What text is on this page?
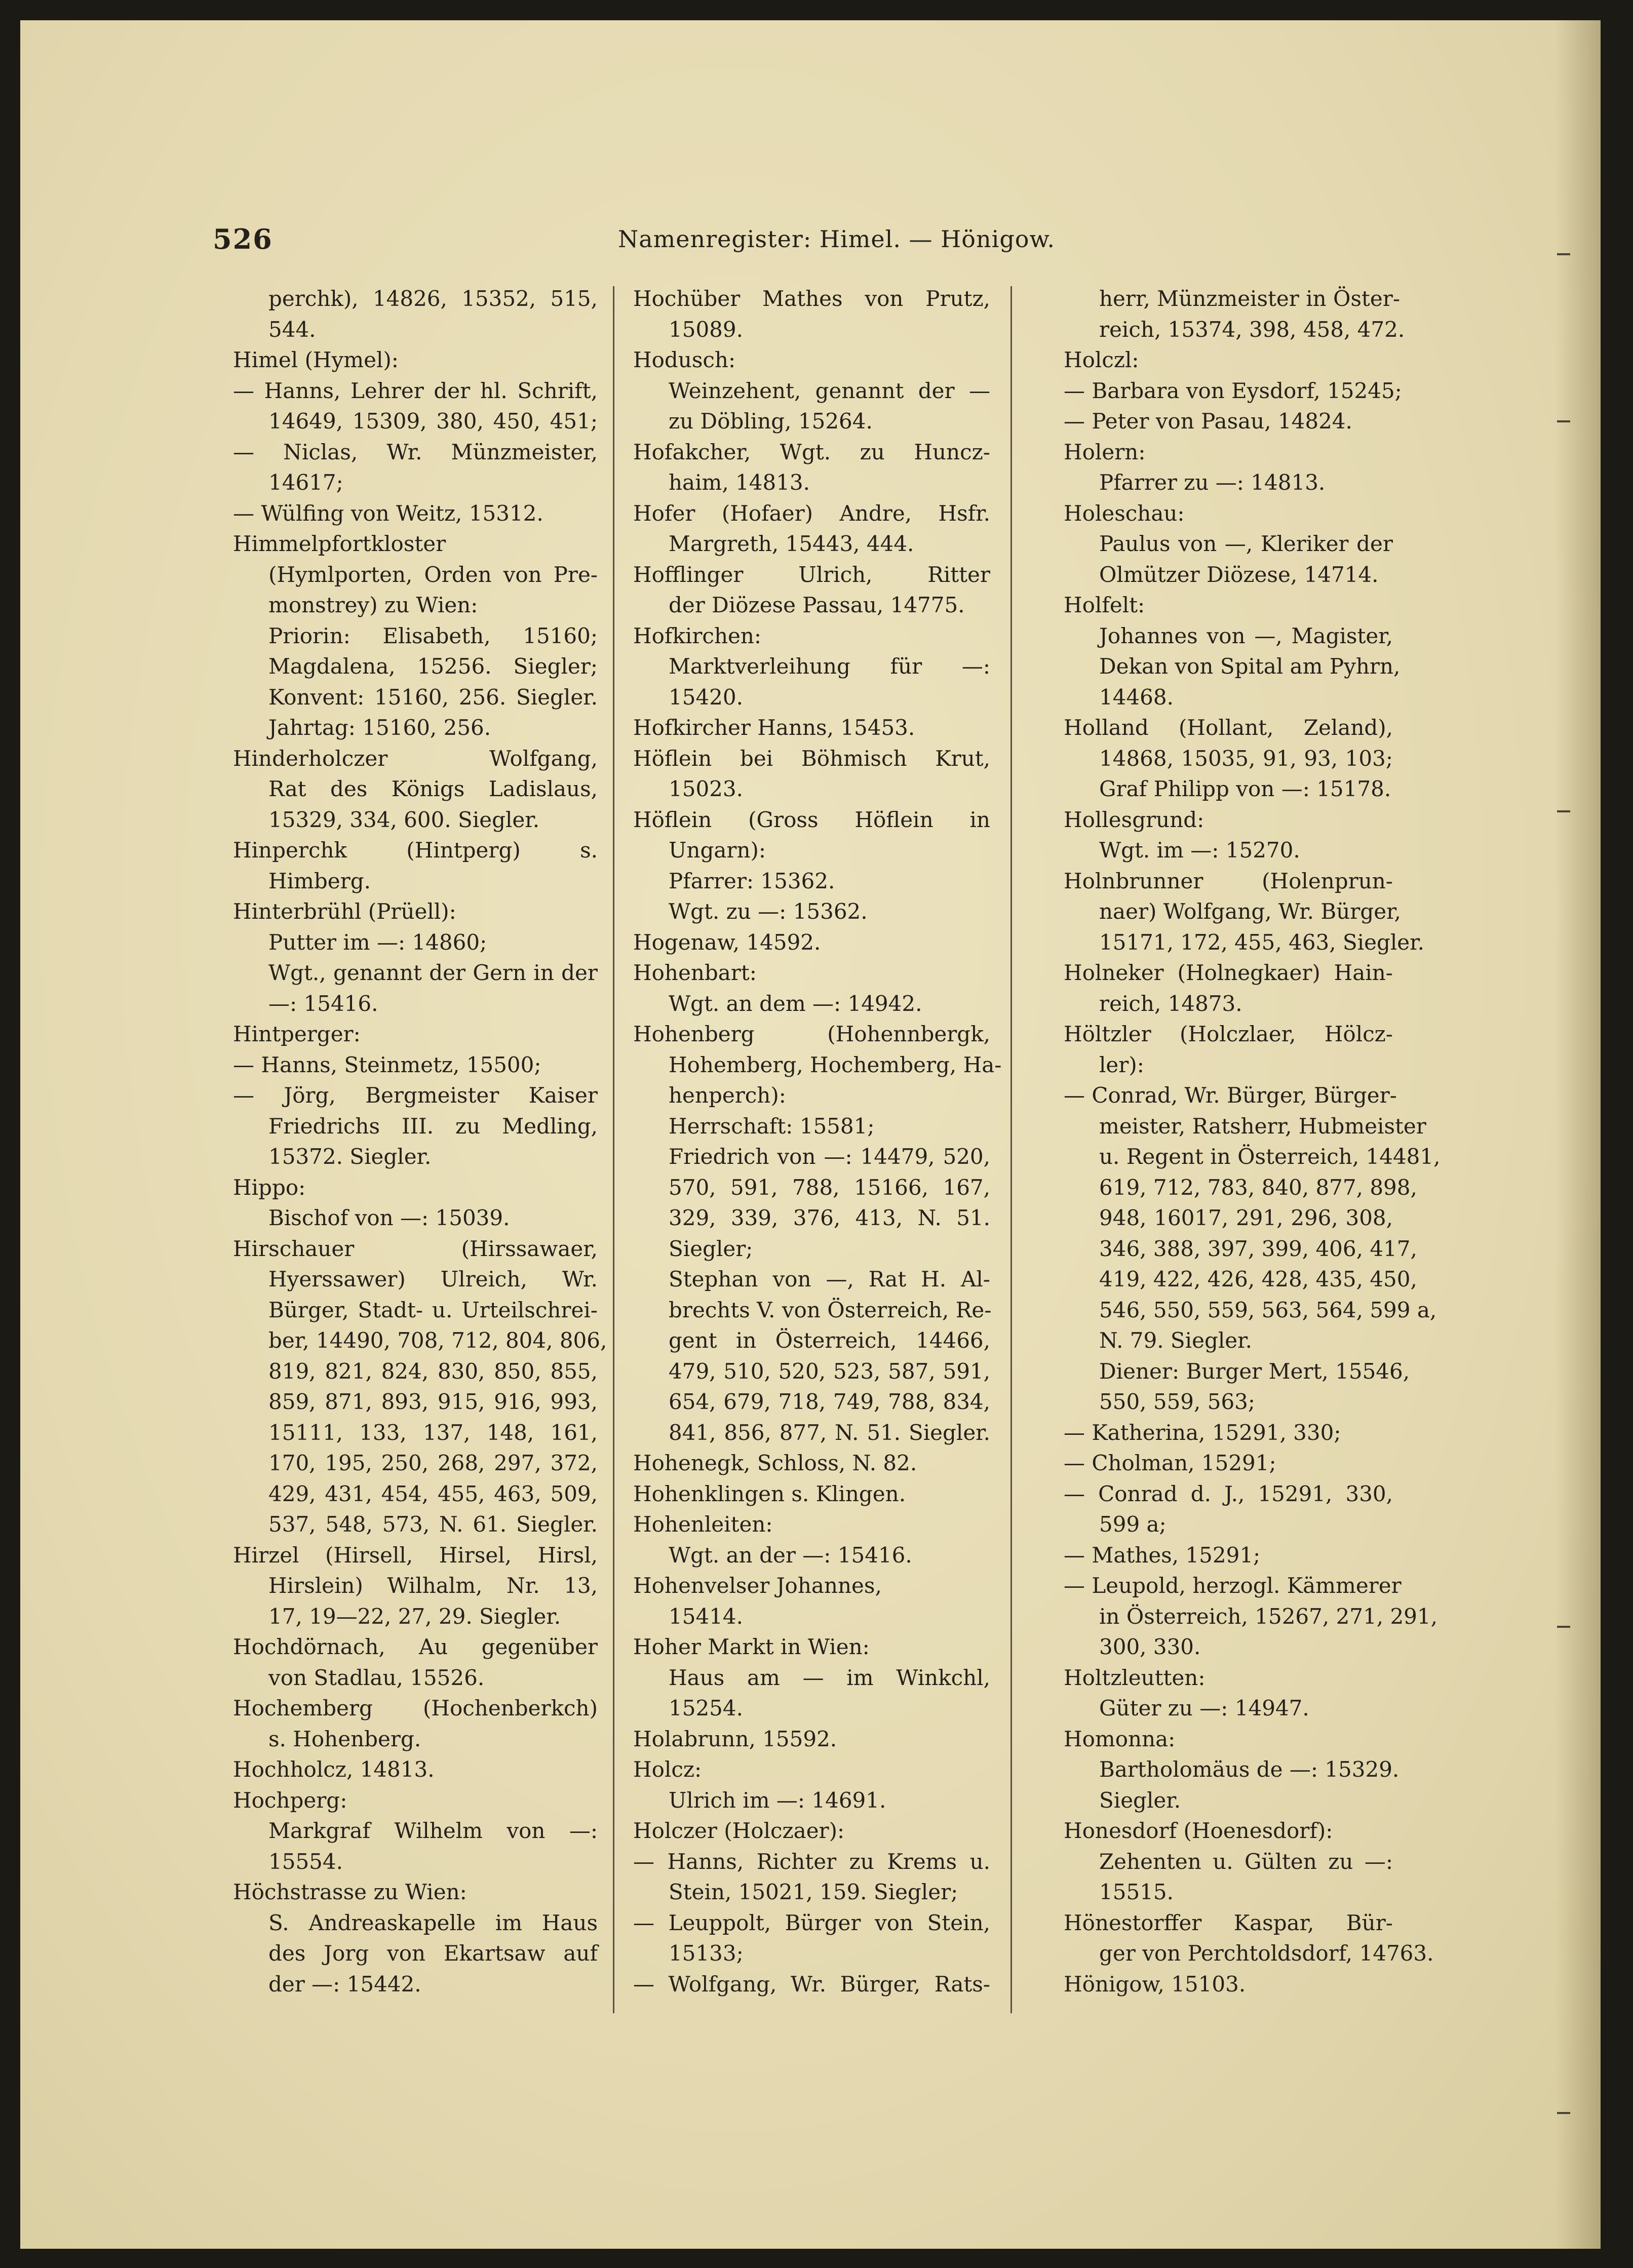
526	Namenregister: Himel. — Hönigow.
perchk), 14826, 15352, 515,
544.
Himel (Hymel):
— Hanns, Lehrer der hl. Schrift,
14649, 15309, 380, 450, 451;
— Niclas, Wr. Münzmeister,
14617;
— Wülfing von Weitz, 15312.
Himmelpfortkloster
(Hymlporten, Orden von Pre-
monstrey) zu Wien:
Priorin: Elisabeth, 15160;
Magdalena, 15256. Siegler;
Konvent: 15160, 256. Siegler.
Jahrtag: 15160, 256.
Hinderholczer Wolfgang,
Rat des Königs Ladislaus,
15329, 334, 600. Siegler.
Hinperchk (Hintperg) s.
Himberg.
Hinterbrühl (Prüell):
Putter im —: 14860;
Wgt., genannt der Gern in der
—: 15416.
Hintperger:
— Hanns, Steinmetz, 15500;
— Jörg, Bergmeister Kaiser
Friedrichs III. zu Medling,
15372. Siegler.
Hippo:
Bischof von —: 15039.
Hirschauer (Hirssawaer,
Hyerssawer) Ulreich, Wr.
Bürger, Stadt- u. Urteilschrei-
ber, 14490, 708, 712, 804, 806,
819, 821, 824, 830, 850, 855,
859, 871, 893, 915, 916, 993,
15111, 133, 137, 148, 161,
170, 195, 250, 268, 297, 372,
429, 431, 454, 455, 463, 509,
537, 548, 573, N. 61. Siegler.
Hirzel (Hirsell, Hirsel, Hirsl,
Hirslein) Wilhalm, Nr. 13,
17, 19—22, 27, 29. Siegler.
Hochdörnach, Au gegenüber
von Stadlau, 15526.
Hochemberg (Hochenberkch)
s. Hohenberg.
Hochholcz, 14813.
Hochperg:
Markgraf Wilhelm von —:
15554.
Höchstrasse zu Wien:
S. Andreaskapelle im Haus
des Jorg von Ekartsaw auf
der —: 15442.
Hochüber Mathes von Prutz,
15089.
Hodusch:
Weinzehent, genannt der —
zu Döbling, 15264.
Hofakcher, Wgt. zu Huncz-
haim, 14813.
Hofer (Hofaer) Andre, Hsfr.
Margreth, 15443, 444.
Hofflinger Ulrich, Ritter
der Diözese Passau, 14775.
Hofkirchen:
Marktverleihung für —:
15420.
Hofkircher Hanns, 15453.
Höflein bei Böhmisch Krut,
15023.
Höflein (Gross Höflein in
Ungarn):
Pfarrer: 15362.
Wgt. zu —: 15362.
Hogenaw, 14592.
Hohenbart:
Wgt. an dem —: 14942.
Hohenberg (Hohennbergk,
Hohemberg, Hochemberg, Ha-
henperch):
Herrschaft: 15581;
Friedrich von —: 14479, 520,
570, 591, 788, 15166, 167,
329, 339, 376, 413, N. 51.
Siegler;
Stephan von —, Rat H. Al-
brechts V. von Österreich, Re-
gent in Österreich, 14466,
479, 510, 520, 523, 587, 591,
654, 679, 718, 749, 788, 834,
841, 856, 877, N. 51. Siegler.
Hohenegk, Schloss, N. 82.
Hohenklingen s. Klingen.
Hohenleiten:
Wgt. an der —: 15416.
Hohenvelser Johannes,
15414.
Hoher Markt in Wien:
Haus am — im Winkchl,
15254.
Holabrunn, 15592.
Holcz:
Ulrich im —: 14691.
Holczer (Holczaer):
— Hanns, Richter zu Krems u.
Stein, 15021, 159. Siegler;
— Leuppolt, Bürger von Stein,
15133;
— Wolfgang, Wr. Bürger, Rats-
herr, Münzmeister in Öster-
reich, 15374, 398, 458, 472.
Holczl:
— Barbara von Eysdorf, 15245;
— Peter von Pasau, 14824.
Holern:
Pfarrer zu —: 14813.
Holeschau:
Paulus von —, Kleriker der
Olmützer Diözese, 14714.
Holfelt:
Johannes von —, Magister,
Dekan von Spital am Pyhrn,
14468.
Holland (Hollant, Zeland),
14868, 15035, 91, 93, 103;
Graf Philipp von —: 15178.
Hollesgrund:
Wgt. im —: 15270.
Holnbrunner (Holenprun-
naer) Wolfgang, Wr. Bürger,
15171, 172, 455, 463, Siegler.
Holneker (Holnegkaer) Hain-
reich, 14873.
Höltzler (Holczlaer, Hölcz-
ler):
— Conrad, Wr. Bürger, Bürger-
meister, Ratsherr, Hubmeister
u. Regent in Österreich, 14481,
619, 712, 783, 840, 877, 898,
948, 16017, 291, 296, 308,
346, 388, 397, 399, 406, 417,
419, 422, 426, 428, 435, 450,
546, 550, 559, 563, 564, 599 a,
N. 79. Siegler.
Diener: Burger Mert, 15546,
550, 559, 563;
— Katherina, 15291, 330;
— Cholman, 15291;
— Conrad d. J., 15291, 330,
599 a;
— Mathes, 15291;
— Leupold, herzogl. Kämmerer
in Österreich, 15267, 271, 291,
300, 330.
Holtzleutten:
Güter zu —: 14947.
Homonna:
Bartholomäus de —: 15329.
Siegler.
Honesdorf (Hoenesdorf):
Zehenten u. Gülten zu —:
15515.
Hönestorffer Kaspar, Bür-
ger von Perchtoldsdorf, 14763.
Hönigow, 15103.
